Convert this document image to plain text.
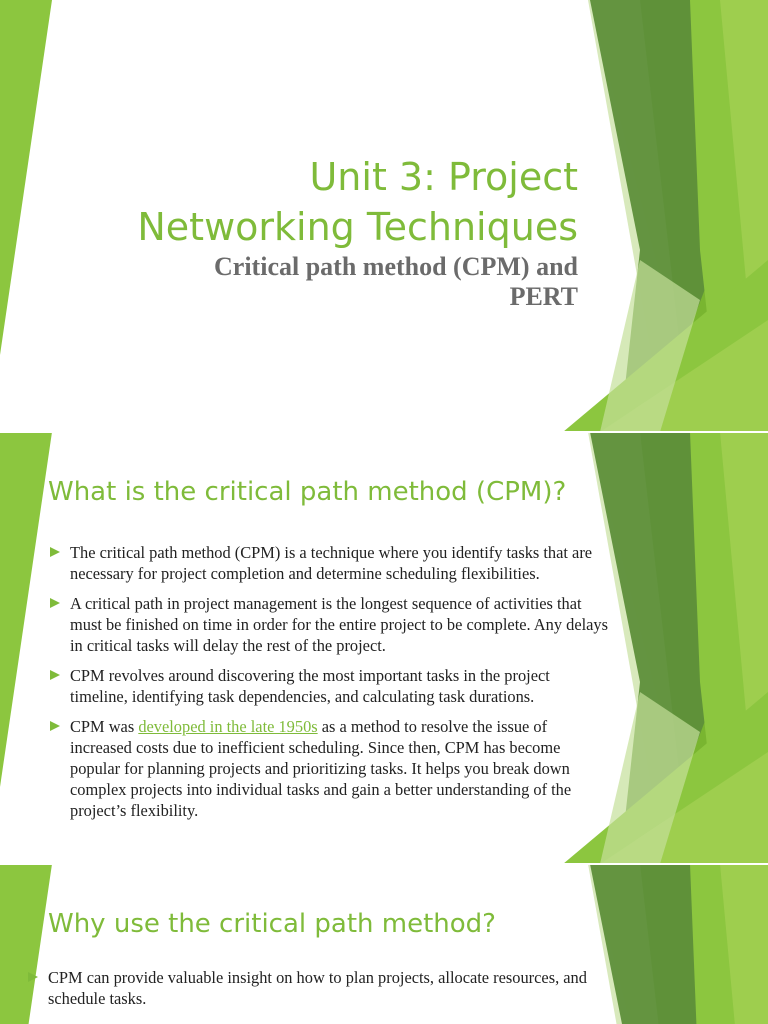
Unit 3: Project
Networking Techniques

Critical path method (CPM) and
PERT

What is the critical path method (CPM)?
The critical path method (CPM) is a technique where you identify tasks that are necessary for project completion and determine scheduling flexibilities.
A critical path in project management is the longest sequence of activities that must be finished on time in order for the entire project to be complete. Any delays in critical tasks will delay the rest of the project.
CPM revolves around discovering the most important tasks in the project timeline, identifying task dependencies, and calculating task durations.
CPM was developed in the late 1950s as a method to resolve the issue of increased costs due to inefficient scheduling. Since then, CPM has become popular for planning projects and prioritizing tasks. It helps you break down complex projects into individual tasks and gain a better understanding of the project’s flexibility.
Why use the critical path method?
CPM can provide valuable insight on how to plan projects, allocate resources, and schedule tasks.
